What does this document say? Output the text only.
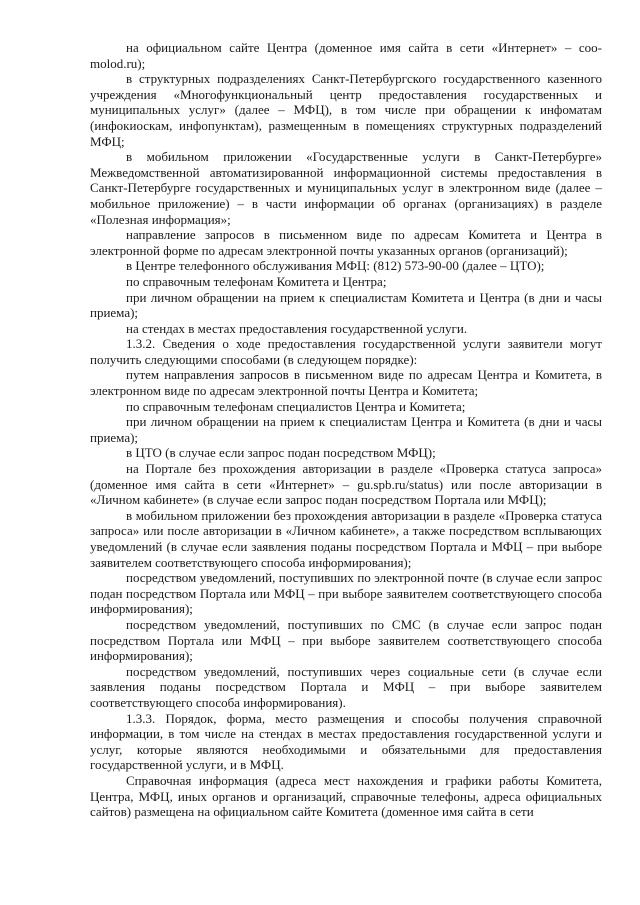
на официальном сайте Центра (доменное имя сайта в сети «Интернет» – coo-molod.ru);

в структурных подразделениях Санкт-Петербургского государственного казенного учреждения «Многофункциональный центр предоставления государственных и муниципальных услуг» (далее – МФЦ), в том числе при обращении к инфоматам (инфокиоскам, инфопунктам), размещенным в помещениях структурных подразделений МФЦ;

в мобильном приложении «Государственные услуги в Санкт-Петербурге» Межведомственной автоматизированной информационной системы предоставления в Санкт-Петербурге государственных и муниципальных услуг в электронном виде (далее – мобильное приложение) – в части информации об органах (организациях) в разделе «Полезная информация»;

направление запросов в письменном виде по адресам Комитета и Центра в электронной форме по адресам электронной почты указанных органов (организаций);

в Центре телефонного обслуживания МФЦ: (812) 573-90-00 (далее – ЦТО);

по справочным телефонам Комитета и Центра;

при личном обращении на прием к специалистам Комитета и Центра (в дни и часы приема);

на стендах в местах предоставления государственной услуги.

1.3.2. Сведения о ходе предоставления государственной услуги заявители могут получить следующими способами (в следующем порядке):

путем направления запросов в письменном виде по адресам Центра и Комитета, в электронном виде по адресам электронной почты Центра и Комитета;

по справочным телефонам специалистов Центра и Комитета;

при личном обращении на прием к специалистам Центра и Комитета (в дни и часы приема);

в ЦТО (в случае если запрос подан посредством МФЦ);

на Портале без прохождения авторизации в разделе «Проверка статуса запроса» (доменное имя сайта в сети «Интернет» – gu.spb.ru/status) или после авторизации в «Личном кабинете» (в случае если запрос подан посредством Портала или МФЦ);

в мобильном приложении без прохождения авторизации в разделе «Проверка статуса запроса» или после авторизации в «Личном кабинете», а также посредством всплывающих уведомлений (в случае если заявления поданы посредством Портала и МФЦ – при выборе заявителем соответствующего способа информирования);

посредством уведомлений, поступивших по электронной почте (в случае если запрос подан посредством Портала или МФЦ – при выборе заявителем соответствующего способа информирования);

посредством уведомлений, поступивших по СМС (в случае если запрос подан посредством Портала или МФЦ – при выборе заявителем соответствующего способа информирования);

посредством уведомлений, поступивших через социальные сети (в случае если заявления поданы посредством Портала и МФЦ – при выборе заявителем соответствующего способа информирования).

1.3.3. Порядок, форма, место размещения и способы получения справочной информации, в том числе на стендах в местах предоставления государственной услуги и услуг, которые являются необходимыми и обязательными для предоставления государственной услуги, и в МФЦ.

Справочная информация (адреса мест нахождения и графики работы Комитета, Центра, МФЦ, иных органов и организаций, справочные телефоны, адреса официальных сайтов) размещена на официальном сайте Комитета (доменное имя сайта в сети
